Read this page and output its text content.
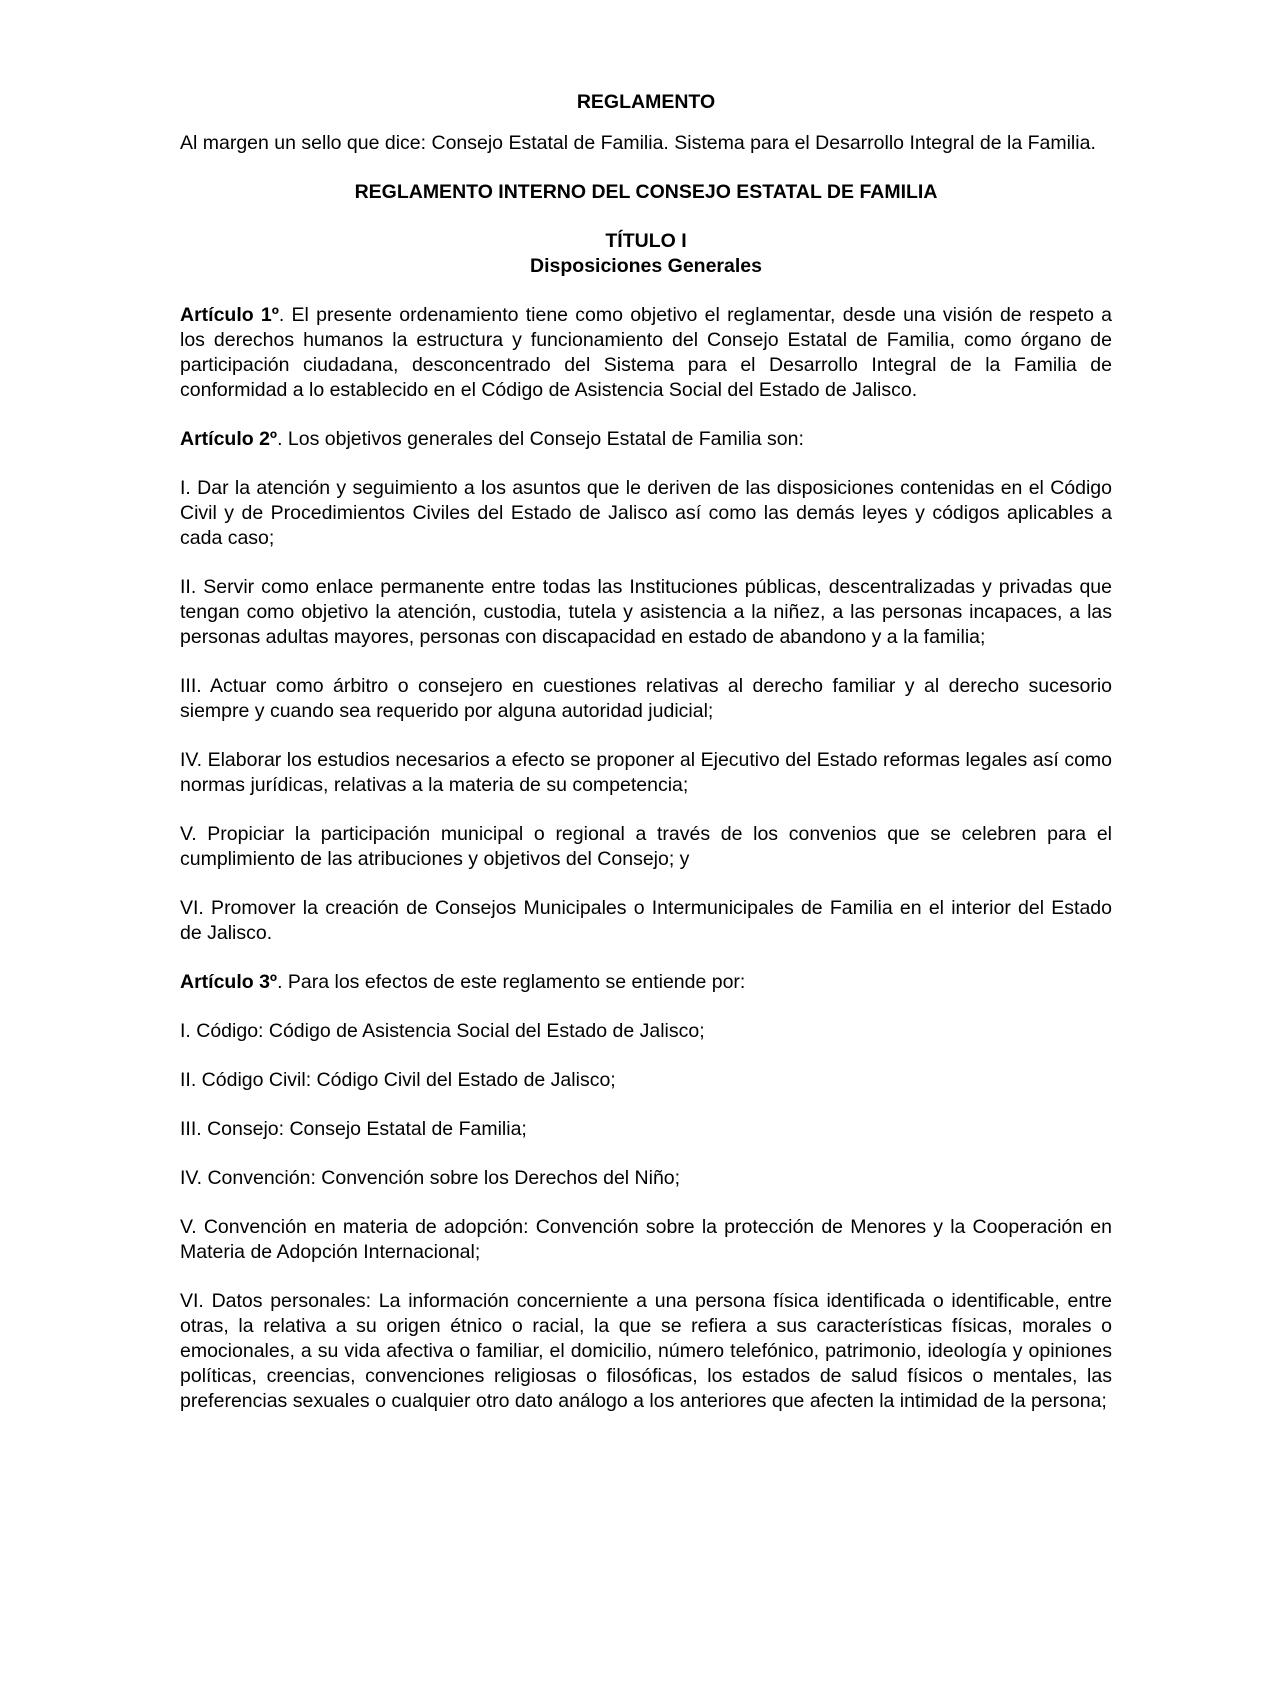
REGLAMENTO
Al margen un sello que dice: Consejo Estatal de Familia. Sistema para el Desarrollo Integral de la Familia.
REGLAMENTO INTERNO DEL CONSEJO ESTATAL DE FAMILIA
TÍTULO I
Disposiciones Generales
Artículo 1º. El presente ordenamiento tiene como objetivo el reglamentar, desde una visión de respeto a los derechos humanos la estructura y funcionamiento del Consejo Estatal de Familia, como órgano de participación ciudadana, desconcentrado del Sistema para el Desarrollo Integral de la Familia de conformidad a lo establecido en el Código de Asistencia Social del Estado de Jalisco.
Artículo 2º. Los objetivos generales del Consejo Estatal de Familia son:
I. Dar la atención y seguimiento a los asuntos que le deriven de las disposiciones contenidas en el Código Civil y de Procedimientos Civiles del Estado de Jalisco así como las demás leyes y códigos aplicables a cada caso;
II. Servir como enlace permanente entre todas las Instituciones públicas, descentralizadas y privadas que tengan como objetivo la atención, custodia, tutela y asistencia a la niñez, a las personas incapaces, a las personas adultas mayores, personas con discapacidad en estado de abandono y a la familia;
III. Actuar como árbitro o consejero en cuestiones relativas al derecho familiar y al derecho sucesorio siempre y cuando sea requerido por alguna autoridad judicial;
IV. Elaborar los estudios necesarios a efecto se proponer al Ejecutivo del Estado reformas legales así como normas jurídicas, relativas a la materia de su competencia;
V. Propiciar la participación municipal o regional a través de los convenios que se celebren para el cumplimiento de las atribuciones y objetivos del Consejo; y
VI. Promover la creación de Consejos Municipales o Intermunicipales de Familia en el interior del Estado de Jalisco.
Artículo 3º. Para los efectos de este reglamento se entiende por:
I. Código: Código de Asistencia Social del Estado de Jalisco;
II. Código Civil: Código Civil del Estado de Jalisco;
III. Consejo: Consejo Estatal de Familia;
IV. Convención: Convención sobre los Derechos del Niño;
V. Convención en materia de adopción: Convención sobre la protección de Menores y la Cooperación en Materia de Adopción Internacional;
VI. Datos personales: La información concerniente a una persona física identificada o identificable, entre otras, la relativa a su origen étnico o racial, la que se refiera a sus características físicas, morales o emocionales, a su vida afectiva o familiar, el domicilio, número telefónico, patrimonio, ideología y opiniones políticas, creencias, convenciones religiosas o filosóficas, los estados de salud físicos o mentales, las preferencias sexuales o cualquier otro dato análogo a los anteriores que afecten la intimidad de la persona;
